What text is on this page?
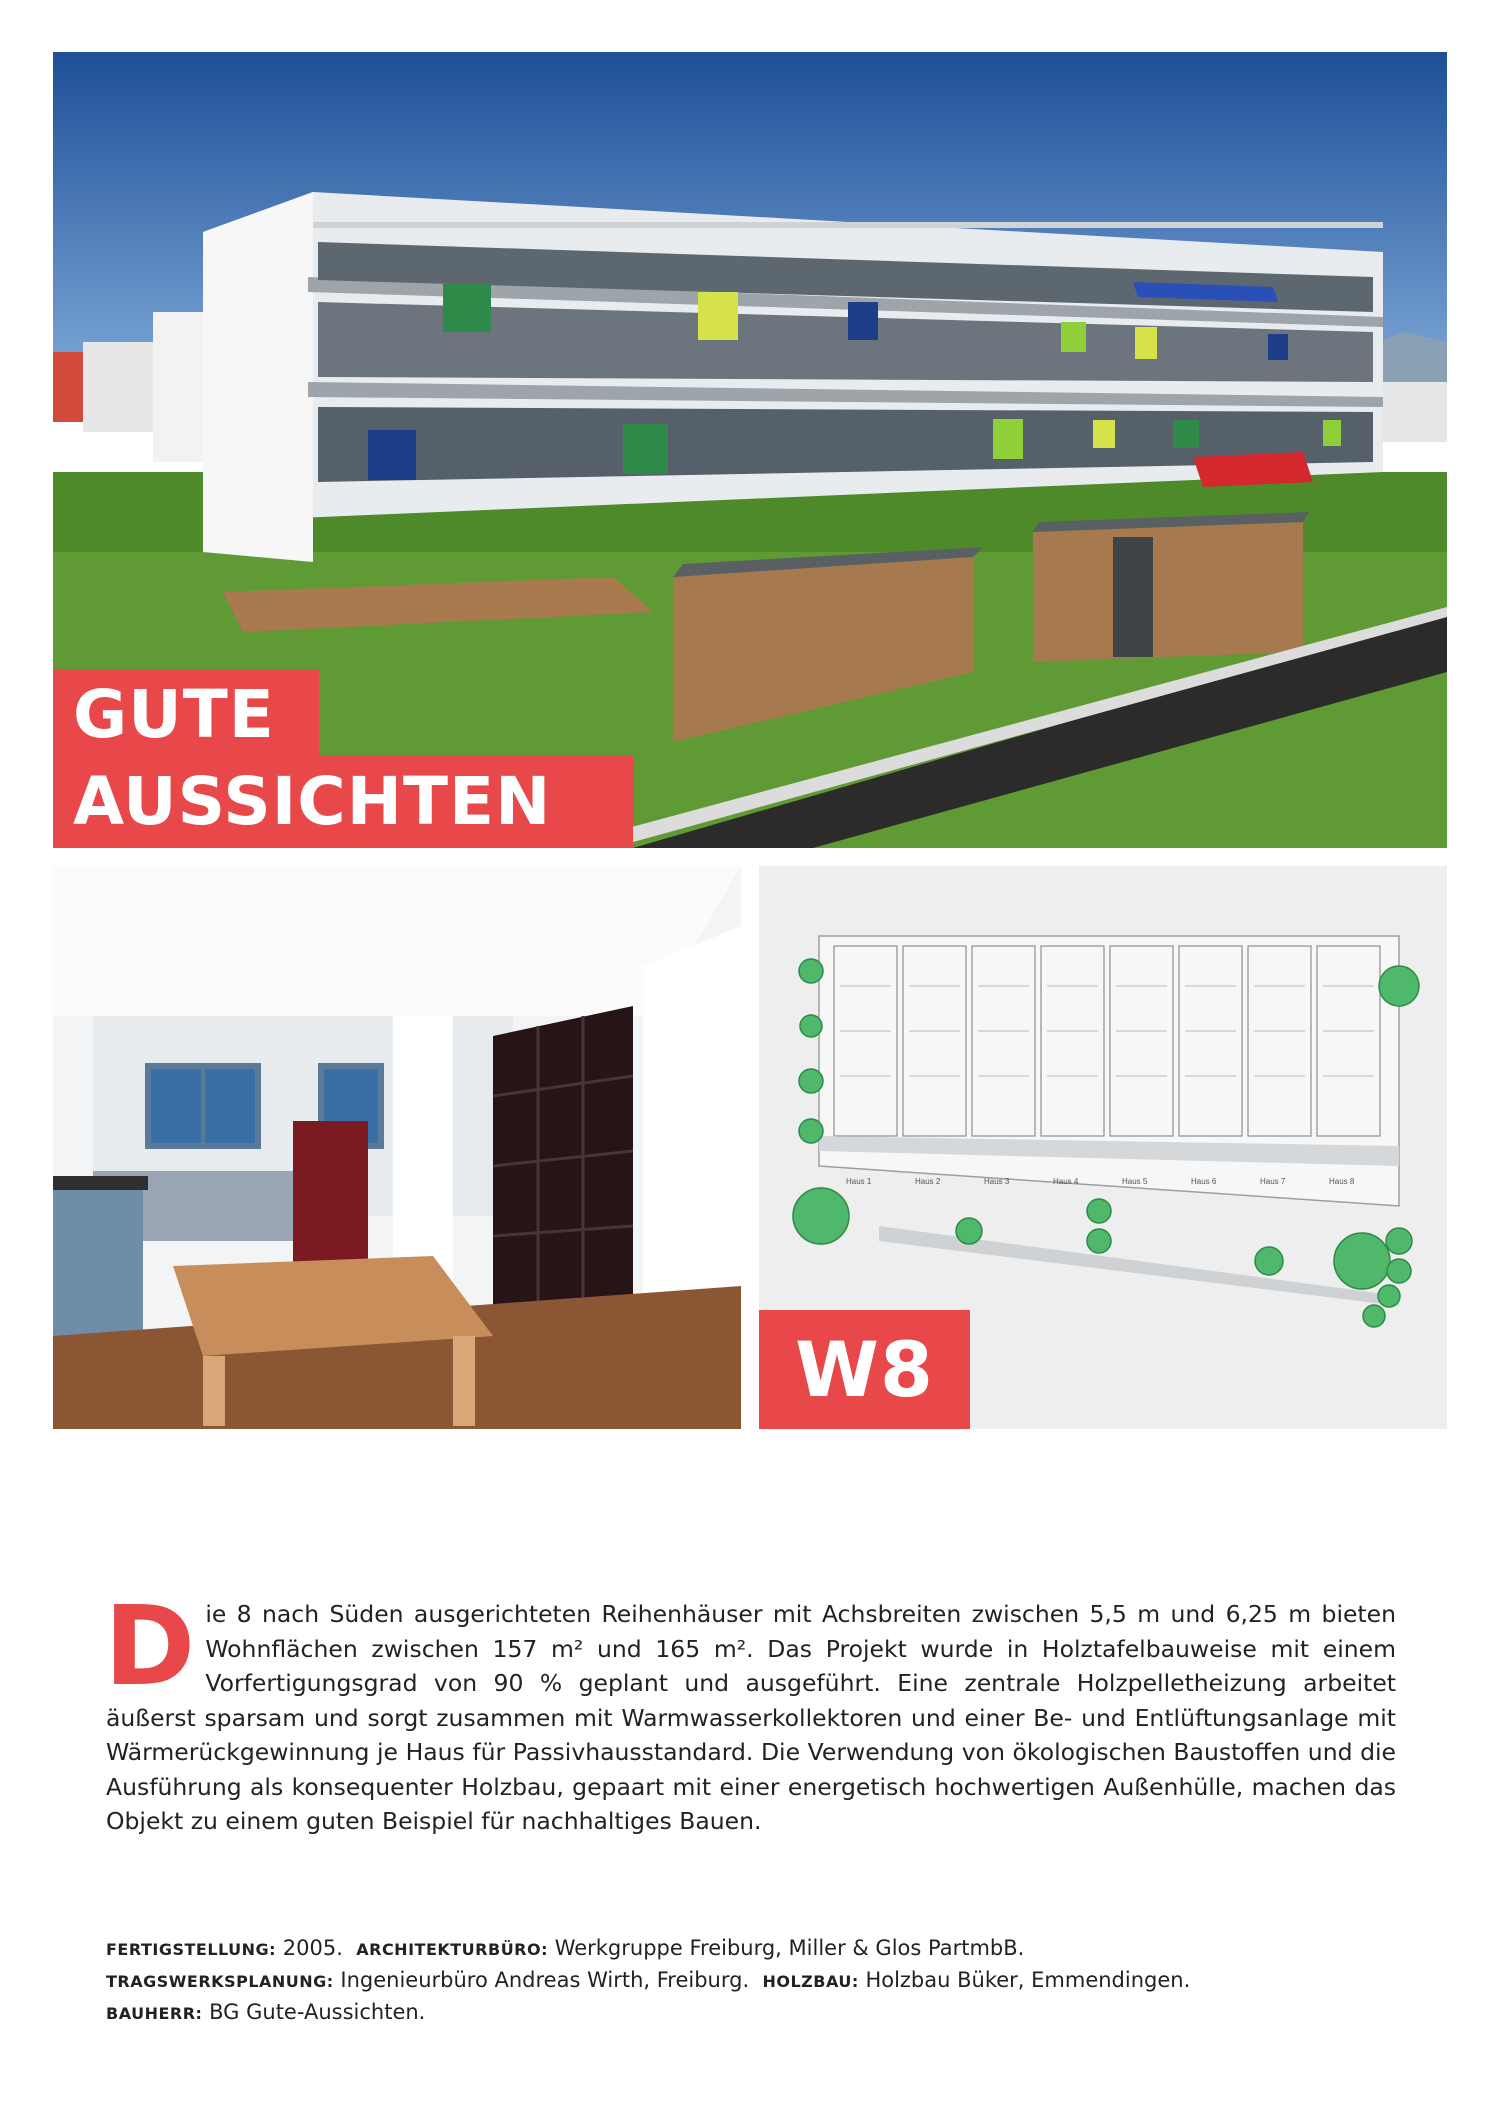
GUTE
AUSSICHTEN
Haus 1	Haus 2	Haus 3	Haus 4	Haus 5	Haus 6	Haus 7	Haus 8
W8
D ie 8 nach Süden ausgerichteten Reihenhäuser mit Achsbreiten zwischen 5,5 m und 6,25 m bieten Wohnflächen zwischen 157 m² und 165 m². Das Projekt wurde in Holztafelbauweise mit einem Vorfertigungsgrad von 90 % geplant und ausgeführt. Eine zentrale Holzpelletheizung arbeitet äußerst sparsam und sorgt zusammen mit Warmwasserkollektoren und einer Be- und Entlüftungsanlage mit Wärmerückgewinnung je Haus für Passivhausstandard. Die Verwendung von ökologischen Baustoffen und die Ausführung als konsequenter Holzbau, gepaart mit einer energetisch hochwertigen Außenhülle, machen das Objekt zu einem guten Beispiel für nachhaltiges Bauen.
FERTIGSTELLUNG: 2005. ARCHITEKTURBÜRO: Werkgruppe Freiburg, Miller & Glos PartmbB.
TRAGSWERKSPLANUNG: Ingenieurbüro Andreas Wirth, Freiburg. HOLZBAU: Holzbau Büker, Emmendingen.
BAUHERR: BG Gute-Aussichten.
